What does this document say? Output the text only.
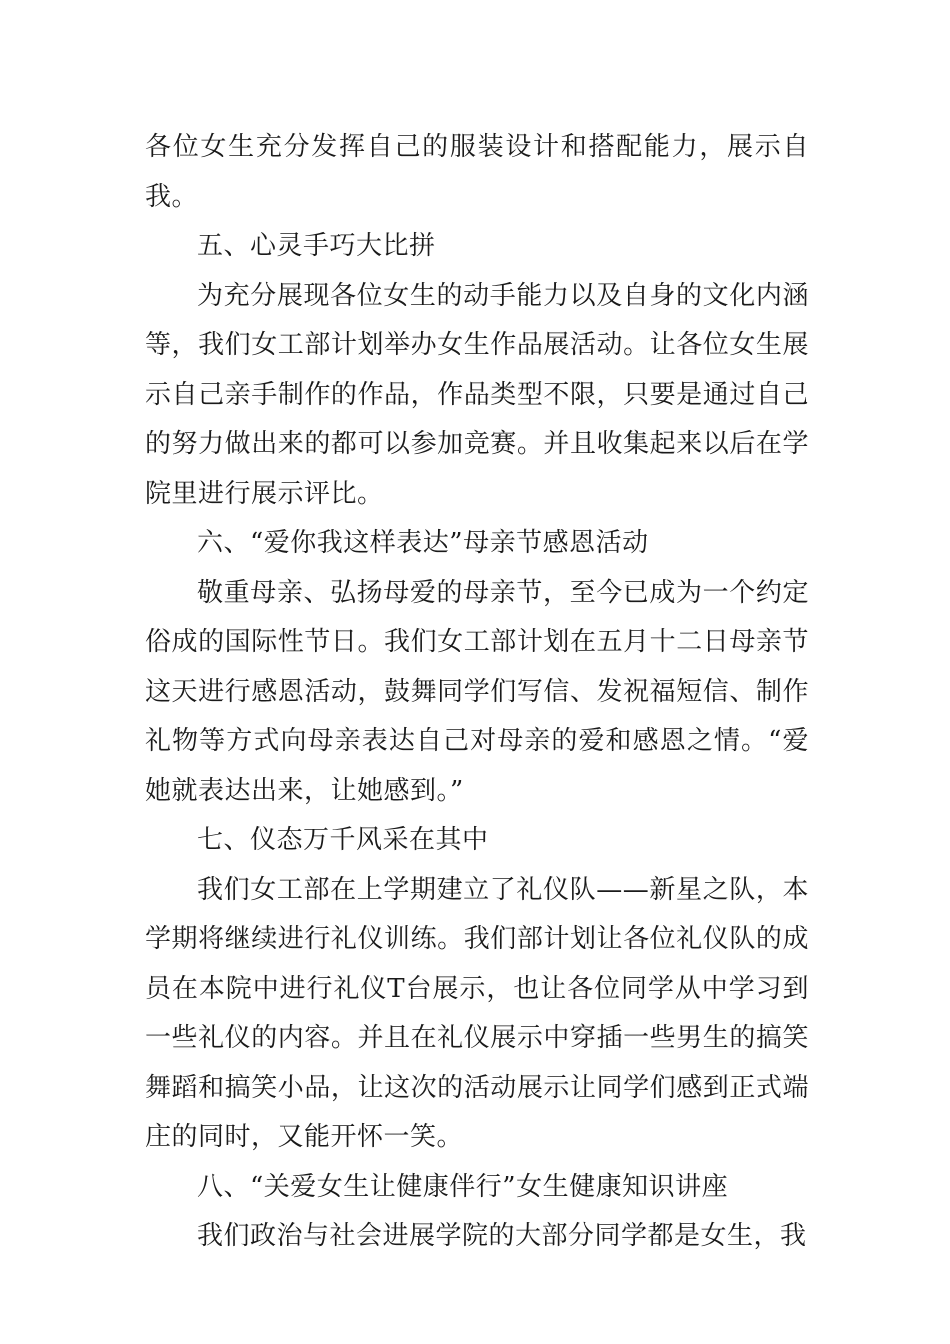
各位女生充分发挥自己的服装设计和搭配能力，展示自我。

五、心灵手巧大比拼

为充分展现各位女生的动手能力以及自身的文化内涵等，我们女工部计划举办女生作品展活动。让各位女生展示自己亲手制作的作品，作品类型不限，只要是通过自己的努力做出来的都可以参加竞赛。并且收集起来以后在学院里进行展示评比。

六、“爱你我这样表达”母亲节感恩活动

敬重母亲、弘扬母爱的母亲节，至今已成为一个约定俗成的国际性节日。我们女工部计划在五月十二日母亲节这天进行感恩活动，鼓舞同学们写信、发祝福短信、制作礼物等方式向母亲表达自己对母亲的爱和感恩之情。“爱她就表达出来，让她感到。”

七、仪态万千风采在其中

我们女工部在上学期建立了礼仪队——新星之队，本学期将继续进行礼仪训练。我们部计划让各位礼仪队的成员在本院中进行礼仪T台展示，也让各位同学从中学习到一些礼仪的内容。并且在礼仪展示中穿插一些男生的搞笑舞蹈和搞笑小品，让这次的活动展示让同学们感到正式端庄的同时，又能开怀一笑。

八、“关爱女生让健康伴行”女生健康知识讲座

我们政治与社会进展学院的大部分同学都是女生，我
